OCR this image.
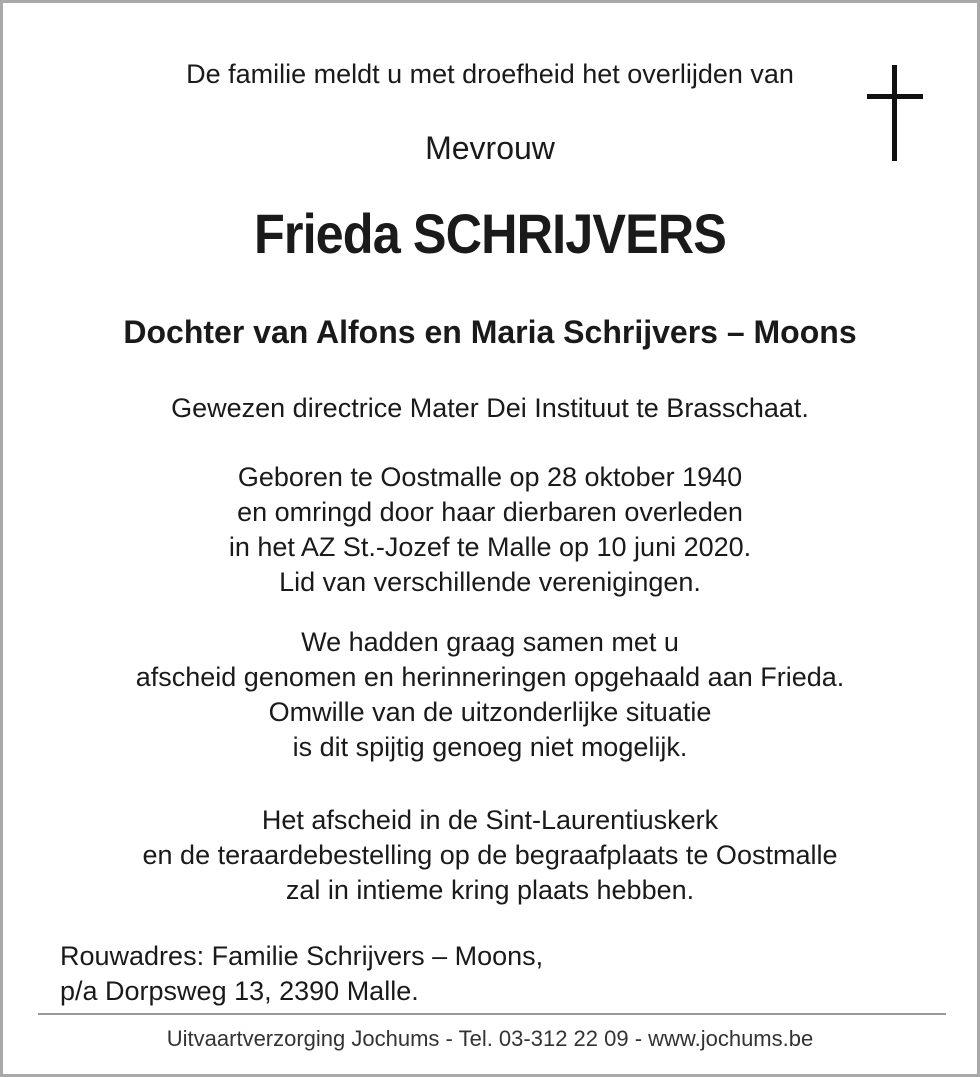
De familie meldt u met droefheid het overlijden van
Mevrouw
Frieda SCHRIJVERS
Dochter van Alfons en Maria Schrijvers – Moons
Gewezen directrice Mater Dei Instituut te Brasschaat.
Geboren te Oostmalle op 28 oktober 1940
en omringd door haar dierbaren overleden
in het AZ St.-Jozef te Malle op 10 juni 2020.
Lid van verschillende verenigingen.
We hadden graag samen met u
afscheid genomen en herinneringen opgehaald aan Frieda.
Omwille van de uitzonderlijke situatie
is dit spijtig genoeg niet mogelijk.
Het afscheid in de Sint-Laurentiuskerk
en de teraardebestelling op de begraafplaats te Oostmalle
zal in intieme kring plaats hebben.
Rouwadres: Familie Schrijvers – Moons,
p/a Dorpsweg 13, 2390 Malle.
Uitvaartverzorging Jochums - Tel. 03-312 22 09 - www.jochums.be
